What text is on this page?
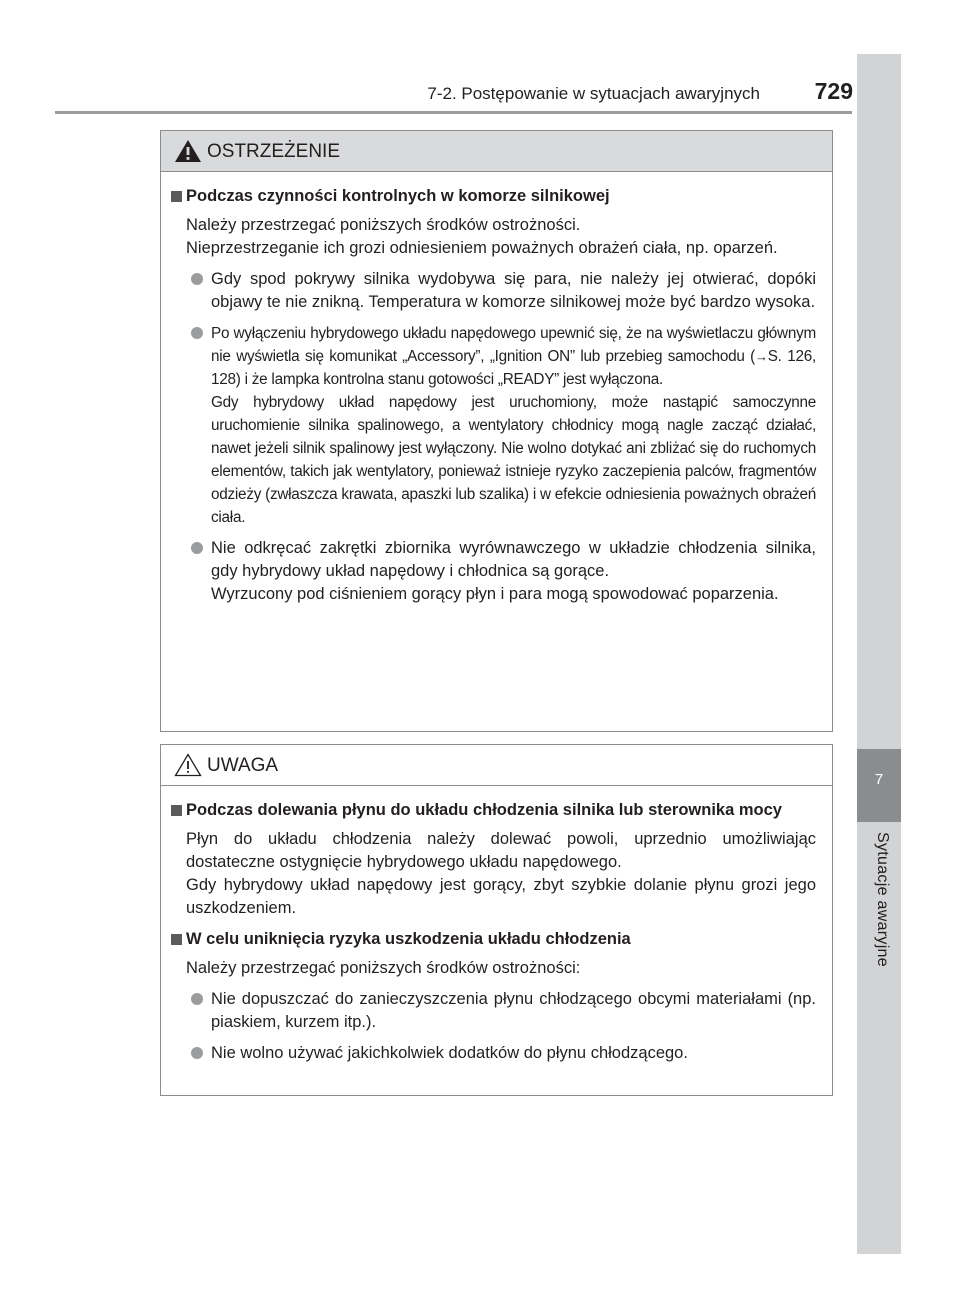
7-2. Postępowanie w sytuacjach awaryjnych	729
7
Sytuacje awaryjne
OSTRZEŻENIE
Podczas czynności kontrolnych w komorze silnikowej
Należy przestrzegać poniższych środków ostrożności.
Nieprzestrzeganie ich grozi odniesieniem poważnych obrażeń ciała, np. oparzeń.

Gdy spod pokrywy silnika wydobywa się para, nie należy jej otwierać, dopóki objawy te nie znikną. Temperatura w komorze silnikowej może być bardzo wysoka.

Po wyłączeniu hybrydowego układu napędowego upewnić się, że na wyświetlaczu głównym nie wyświetla się komunikat „Accessory”, „Ignition ON” lub przebieg samochodu (→S. 126, 128) i że lampka kontrolna stanu gotowości „READY” jest wyłączona.

Gdy hybrydowy układ napędowy jest uruchomiony, może nastąpić samoczynne uruchomienie silnika spalinowego, a wentylatory chłodnicy mogą nagle zacząć działać, nawet jeżeli silnik spalinowy jest wyłączony. Nie wolno dotykać ani zbliżać się do ruchomych elementów, takich jak wentylatory, ponieważ istnieje ryzyko zaczepienia palców, fragmentów odzieży (zwłaszcza krawata, apaszki lub szalika) i w efekcie odniesienia poważnych obrażeń ciała.

Nie odkręcać zakrętki zbiornika wyrównawczego w układzie chłodzenia silnika, gdy hybrydowy układ napędowy i chłodnica są gorące.

Wyrzucony pod ciśnieniem gorący płyn i para mogą spowodować poparzenia.

UWAGA
Podczas dolewania płynu do układu chłodzenia silnika lub sterownika mocy
Płyn do układu chłodzenia należy dolewać powoli, uprzednio umożliwiając dostateczne ostygnięcie hybrydowego układu napędowego.
Gdy hybrydowy układ napędowy jest gorący, zbyt szybkie dolanie płynu grozi jego uszkodzeniem.
W celu uniknięcia ryzyka uszkodzenia układu chłodzenia
Należy przestrzegać poniższych środków ostrożności:

Nie dopuszczać do zanieczyszczenia płynu chłodzącego obcymi materiałami (np. piaskiem, kurzem itp.).

Nie wolno używać jakichkolwiek dodatków do płynu chłodzącego.
